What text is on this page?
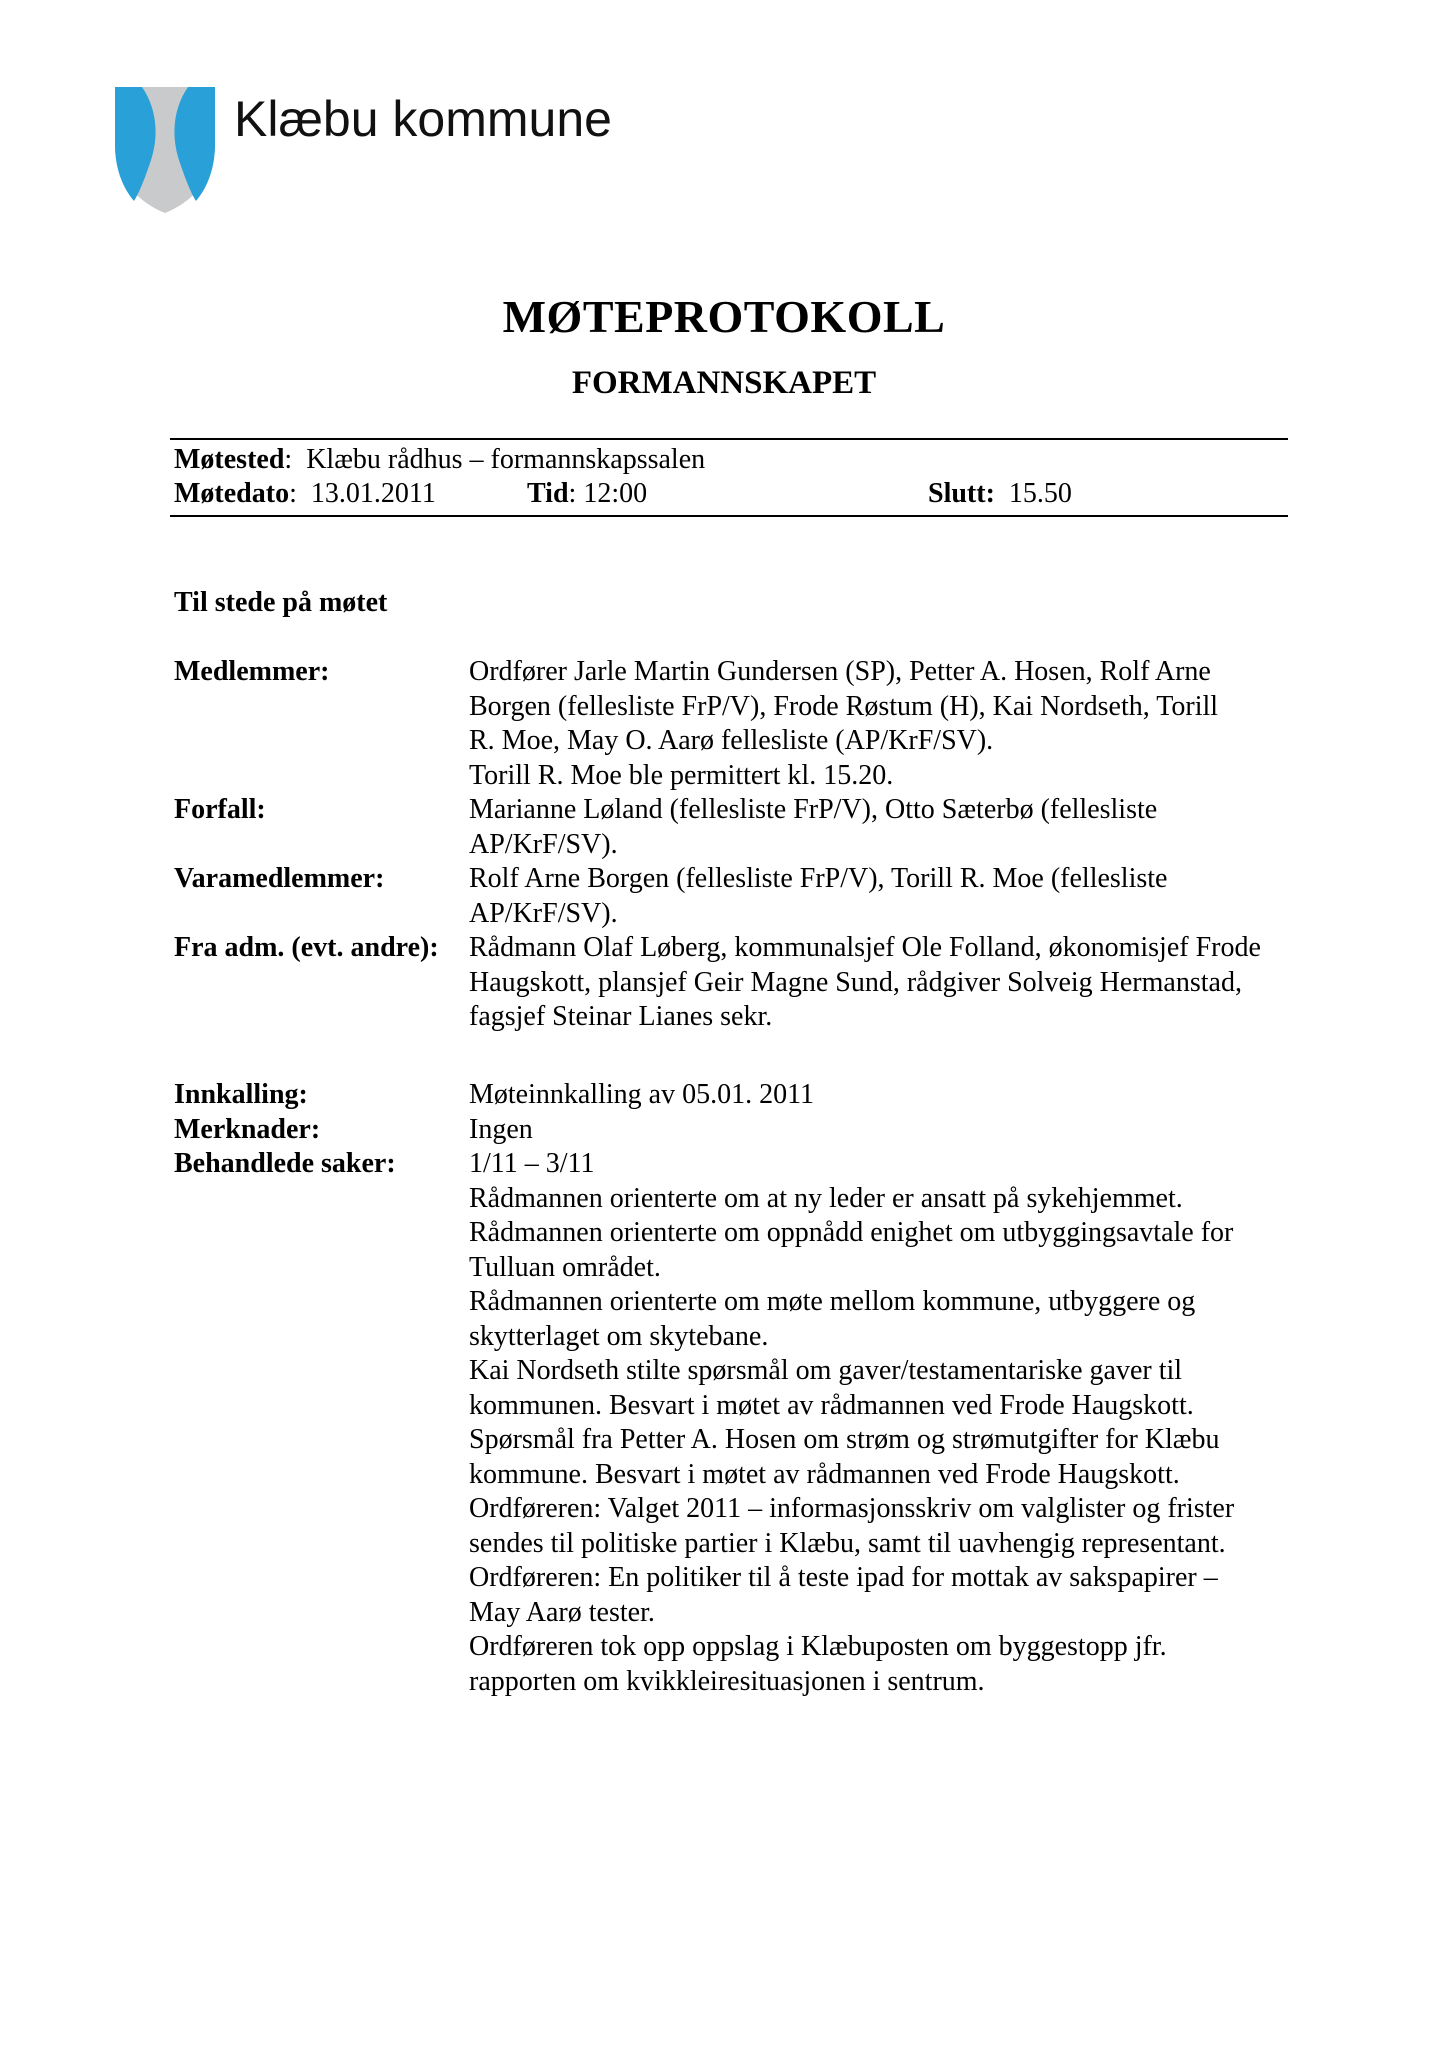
Klæbu kommune
MØTEPROTOKOLL
FORMANNSKAPET
Møtested:  Klæbu rådhus – formannskapssalen
Møtedato:  13.01.2011	Tid: 12:00	Slutt: 15.50
Til stede på møtet
Medlemmer:	Ordfører Jarle Martin Gundersen (SP), Petter A. Hosen, Rolf Arne

Borgen (fellesliste FrP/V), Frode Røstum (H), Kai Nordseth, Torill

R. Moe, May O. Aarø fellesliste (AP/KrF/SV).

Torill R. Moe ble permittert kl. 15.20.

Forfall:	Marianne Løland (fellesliste FrP/V), Otto Sæterbø (fellesliste

AP/KrF/SV).

Varamedlemmer:	Rolf Arne Borgen (fellesliste FrP/V), Torill R. Moe (fellesliste

AP/KrF/SV).

Fra adm. (evt. andre): Rådmann Olaf Løberg, kommunalsjef Ole Folland, økonomisjef Frode

Haugskott, plansjef Geir Magne Sund, rådgiver Solveig Hermanstad,

fagsjef Steinar Lianes sekr.

Innkalling:	Møteinnkalling av 05.01. 2011
Merknader:	Ingen
Behandlede saker:	1/11 – 3/11

Rådmannen orienterte om at ny leder er ansatt på sykehjemmet.

Rådmannen orienterte om oppnådd enighet om utbyggingsavtale for

Tulluan området.

Rådmannen orienterte om møte mellom kommune, utbyggere og

skytterlaget om skytebane.

Kai Nordseth stilte spørsmål om gaver/testamentariske gaver til

kommunen. Besvart i møtet av rådmannen ved Frode Haugskott.

Spørsmål fra Petter A. Hosen om strøm og strømutgifter for Klæbu

kommune. Besvart i møtet av rådmannen ved Frode Haugskott.

Ordføreren: Valget 2011 – informasjonsskriv om valglister og frister

sendes til politiske partier i Klæbu, samt til uavhengig representant.

Ordføreren: En politiker til å teste ipad for mottak av sakspapirer –

May Aarø tester.

Ordføreren tok opp oppslag i Klæbuposten om byggestopp jfr.

rapporten om kvikkleiresituasjonen i sentrum.
